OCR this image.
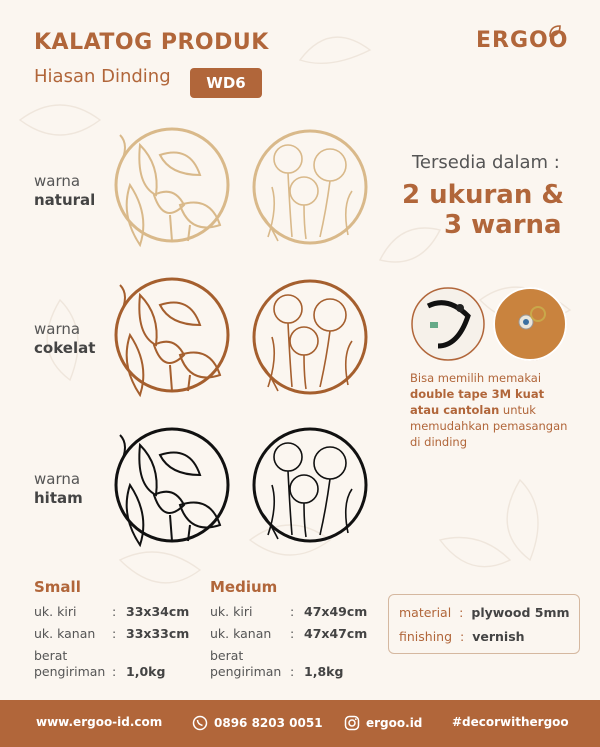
KALATOG PRODUK
Hiasan Dinding	WD6
ERGOO
warna
natural
warna
cokelat
warna
hitam
Tersedia dalam :
2 ukuran &
3 warna
Bisa memilih memakai double tape 3M kuat atau cantolan untuk memudahkan pemasangan di dinding
Small
uk. kiri	: 33x34cm
uk. kanan : 33x33cm
berat
pengiriman : 1,0kg
Medium
uk. kiri	: 47x49cm
uk. kanan : 47x47cm
berat
pengiriman : 1,8kg
material : plywood 5mm
finishing : vernish
www.ergoo-id.com	0896 8203 0051	ergoo.id #decorwithergoo
